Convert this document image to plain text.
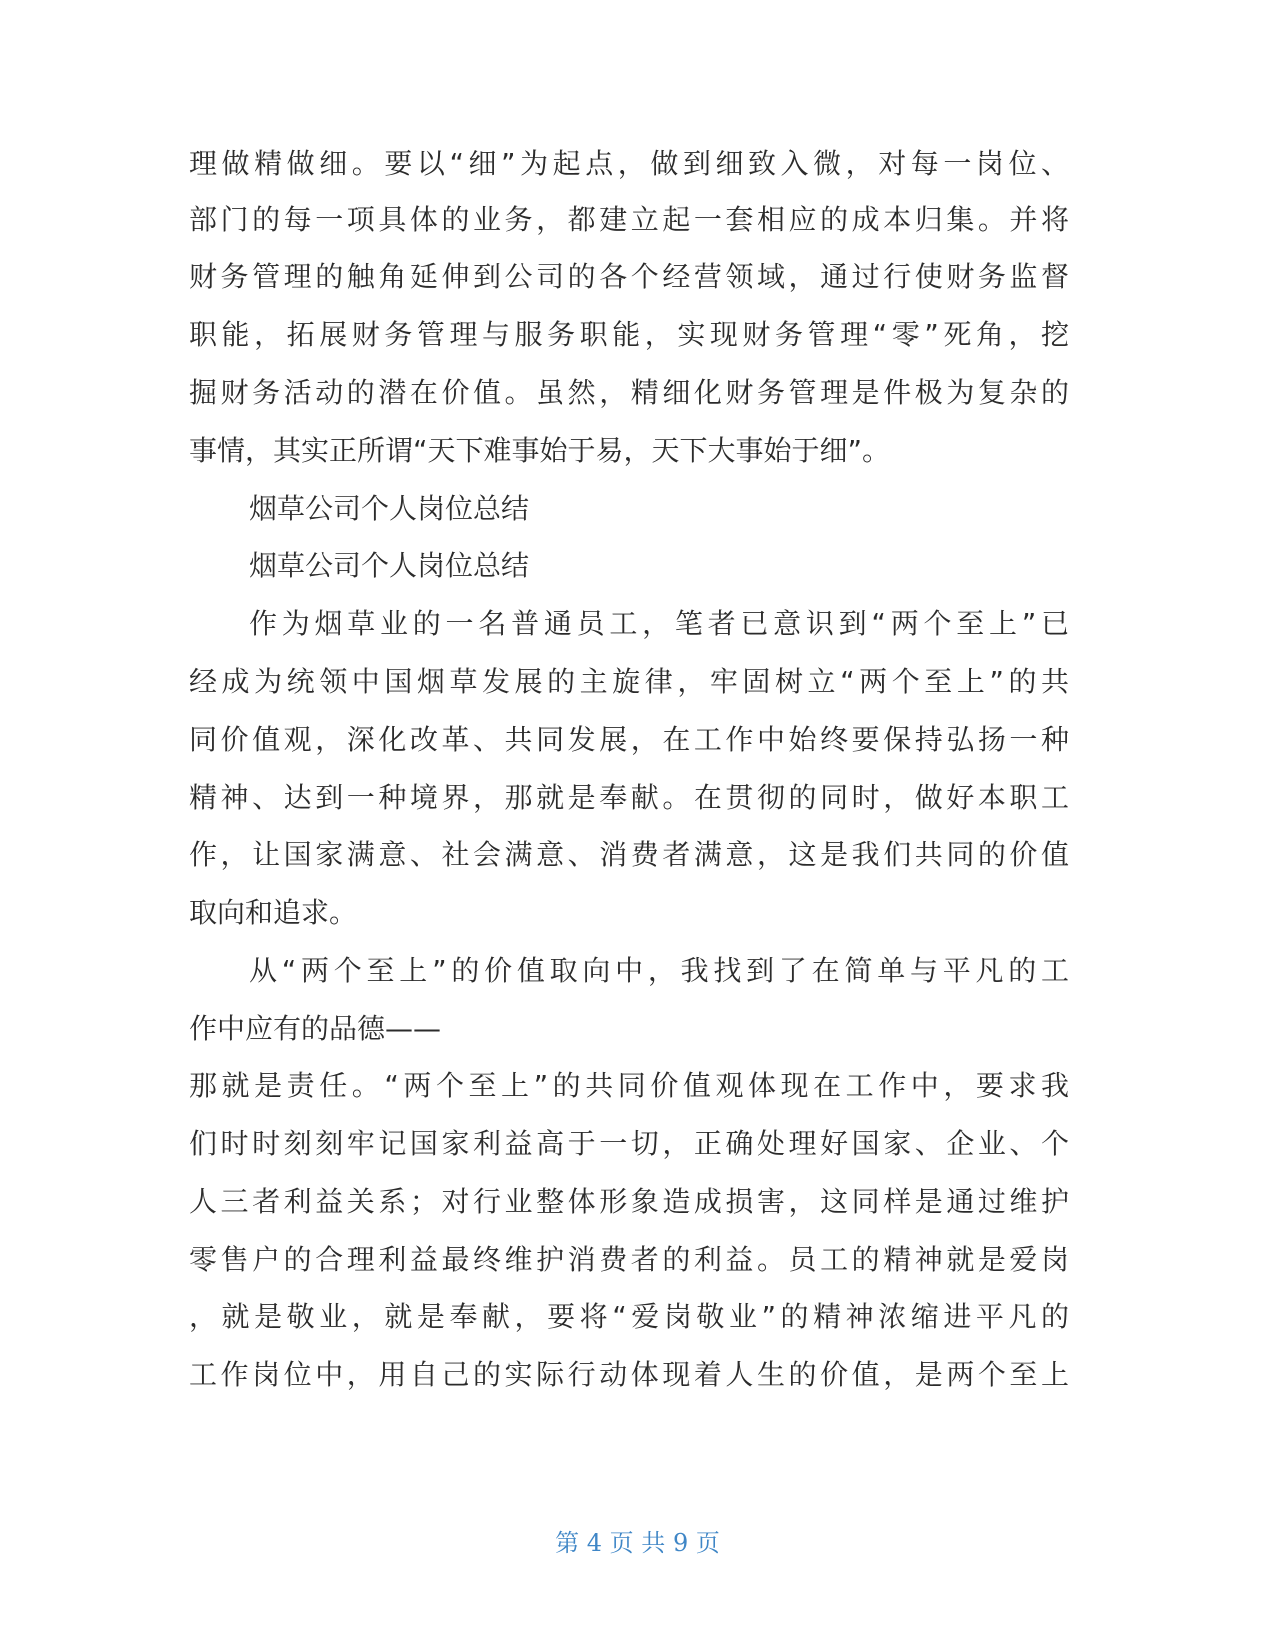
理做精做细。要以“细”为起点，做到细致入微，对每一岗位、
部门的每一项具体的业务，都建立起一套相应的成本归集。并将
财务管理的触角延伸到公司的各个经营领域，通过行使财务监督
职能，拓展财务管理与服务职能，实现财务管理“零”死角，挖
掘财务活动的潜在价值。虽然，精细化财务管理是件极为复杂的
事情，其实正所谓“天下难事始于易，天下大事始于细”。
烟草公司个人岗位总结
烟草公司个人岗位总结
作为烟草业的一名普通员工，笔者已意识到“两个至上”已
经成为统领中国烟草发展的主旋律，牢固树立“两个至上”的共
同价值观，深化改革、共同发展，在工作中始终要保持弘扬一种
精神、达到一种境界，那就是奉献。在贯彻的同时，做好本职工
作，让国家满意、社会满意、消费者满意，这是我们共同的价值
取向和追求。
从“两个至上”的价值取向中，我找到了在简单与平凡的工
作中应有的品德——
那就是责任。“两个至上”的共同价值观体现在工作中，要求我
们时时刻刻牢记国家利益高于一切，正确处理好国家、企业、个
人三者利益关系；对行业整体形象造成损害，这同样是通过维护
零售户的合理利益最终维护消费者的利益。员工的精神就是爱岗
，就是敬业，就是奉献，要将“爱岗敬业”的精神浓缩进平凡的
工作岗位中，用自己的实际行动体现着人生的价值，是两个至上
第 4 页 共 9 页
